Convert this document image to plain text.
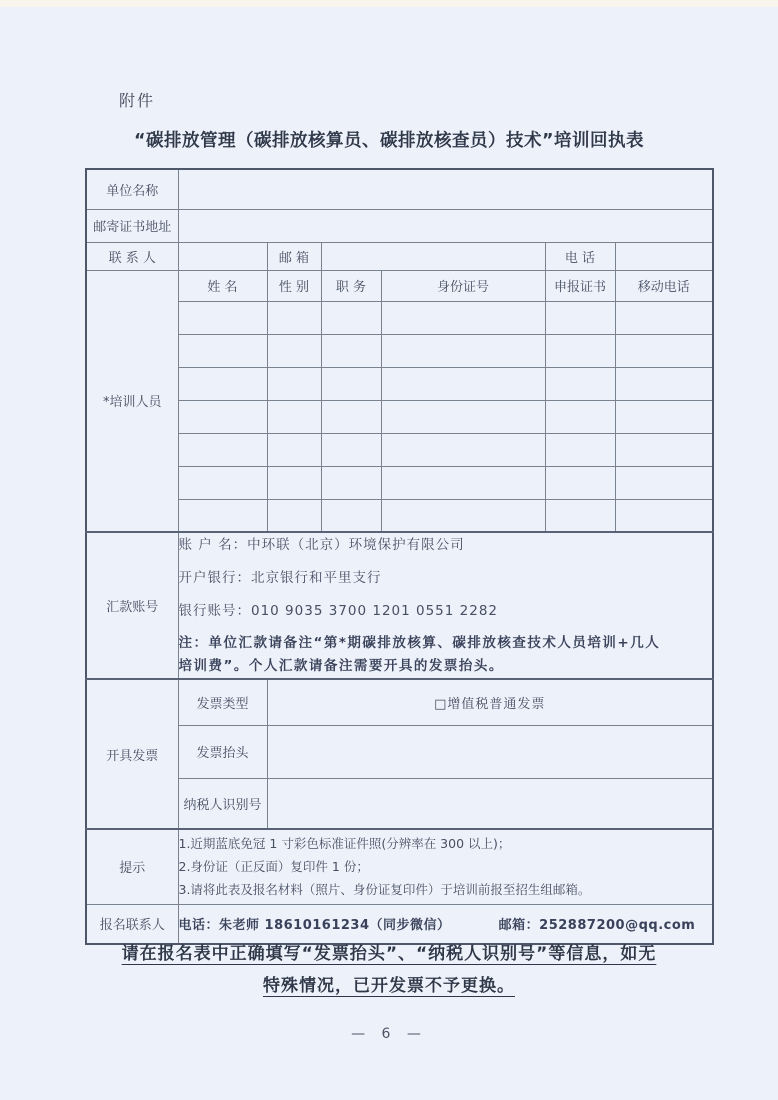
附件
“碳排放管理（碳排放核算员、碳排放核查员）技术”培训回执表
单位名称						
邮寄证书地址						
联 系 人		邮 箱			电 话	
*培训人员	姓 名	性 别	职 务	身份证号	申报证书	移动电话

汇款账号	账 户 名：中环联（北京）环境保护有限公司
开户银行：北京银行和平里支行
银行账号：010 9035 3700 1201 0551 2282
注：单位汇款请备注“第*期碳排放核算、碳排放核查技术人员培训+几人
培训费”。个人汇款请备注需要开具的发票抬头。					

开具发票	发票类型	□增值税普通发票				
	发票抬头					
	纳税人识别号					
提示	1.近期蓝底免冠 1 寸彩色标准证件照(分辨率在 300 以上)；
2.身份证（正反面）复印件 1 份；
3.请将此表及报名材料（照片、身份证复印件）于培训前报至招生组邮箱。					

报名联系人	电话：朱老师 18610161234（同步微信） 邮箱：252887200@qq.com					
请在报名表中正确填写“发票抬头”、“纳税人识别号”等信息，如无
特殊情况，已开发票不予更换。
— 6 —
